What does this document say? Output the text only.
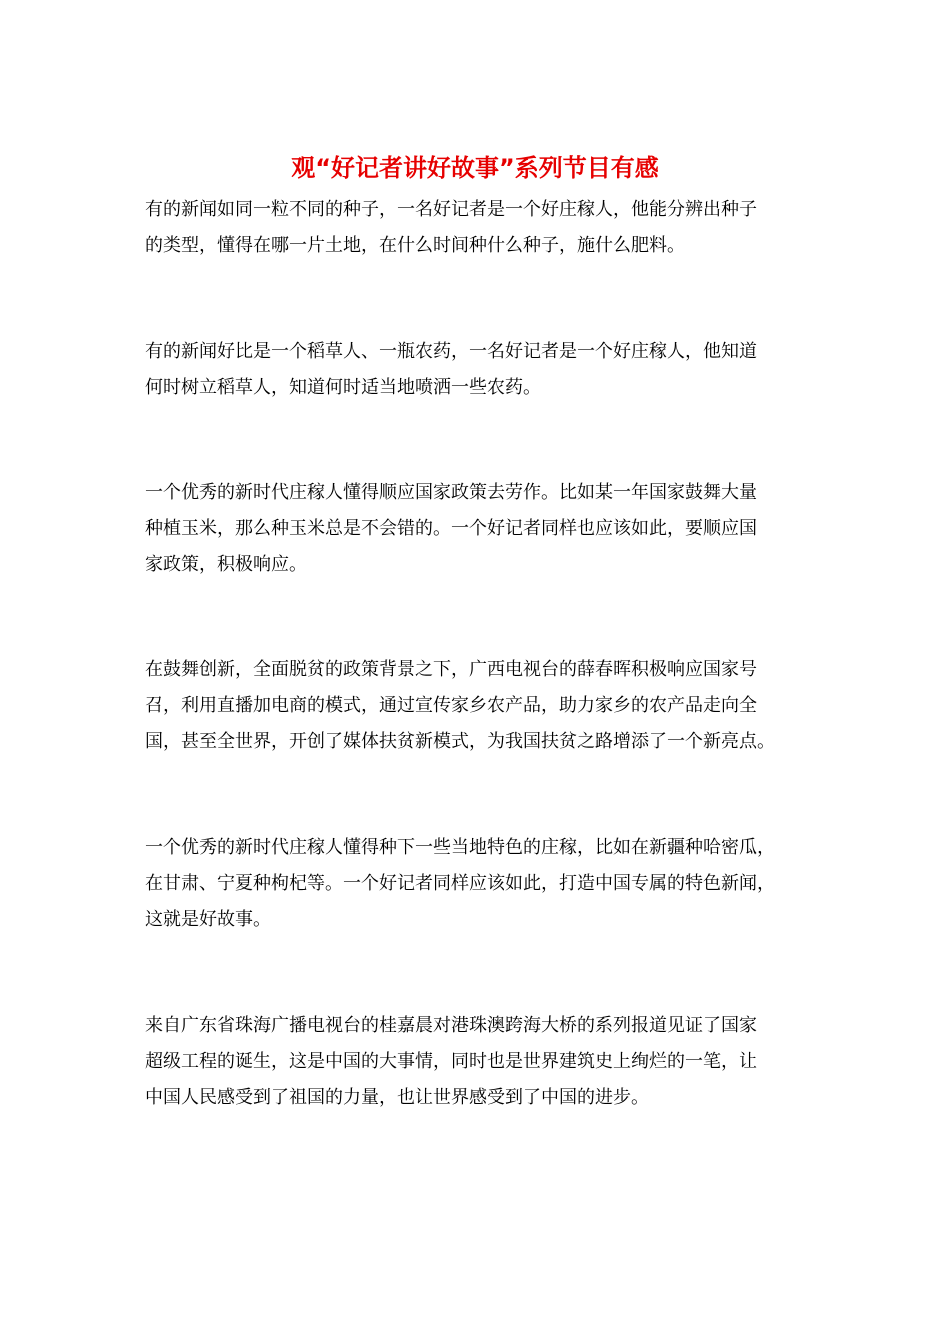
观“好记者讲好故事”系列节目有感
有的新闻如同一粒不同的种子，一名好记者是一个好庄稼人，他能分辨出种子
的类型，懂得在哪一片土地，在什么时间种什么种子，施什么肥料。
有的新闻好比是一个稻草人、一瓶农药，一名好记者是一个好庄稼人，他知道
何时树立稻草人，知道何时适当地喷洒一些农药。
一个优秀的新时代庄稼人懂得顺应国家政策去劳作。比如某一年国家鼓舞大量
种植玉米，那么种玉米总是不会错的。一个好记者同样也应该如此，要顺应国
家政策，积极响应。
在鼓舞创新，全面脱贫的政策背景之下，广西电视台的薛春晖积极响应国家号
召，利用直播加电商的模式，通过宣传家乡农产品，助力家乡的农产品走向全
国，甚至全世界，开创了媒体扶贫新模式，为我国扶贫之路增添了一个新亮点。
一个优秀的新时代庄稼人懂得种下一些当地特色的庄稼，比如在新疆种哈密瓜，
在甘肃、宁夏种枸杞等。一个好记者同样应该如此，打造中国专属的特色新闻，
这就是好故事。
来自广东省珠海广播电视台的桂嘉晨对港珠澳跨海大桥的系列报道见证了国家
超级工程的诞生，这是中国的大事情，同时也是世界建筑史上绚烂的一笔，让
中国人民感受到了祖国的力量，也让世界感受到了中国的进步。
